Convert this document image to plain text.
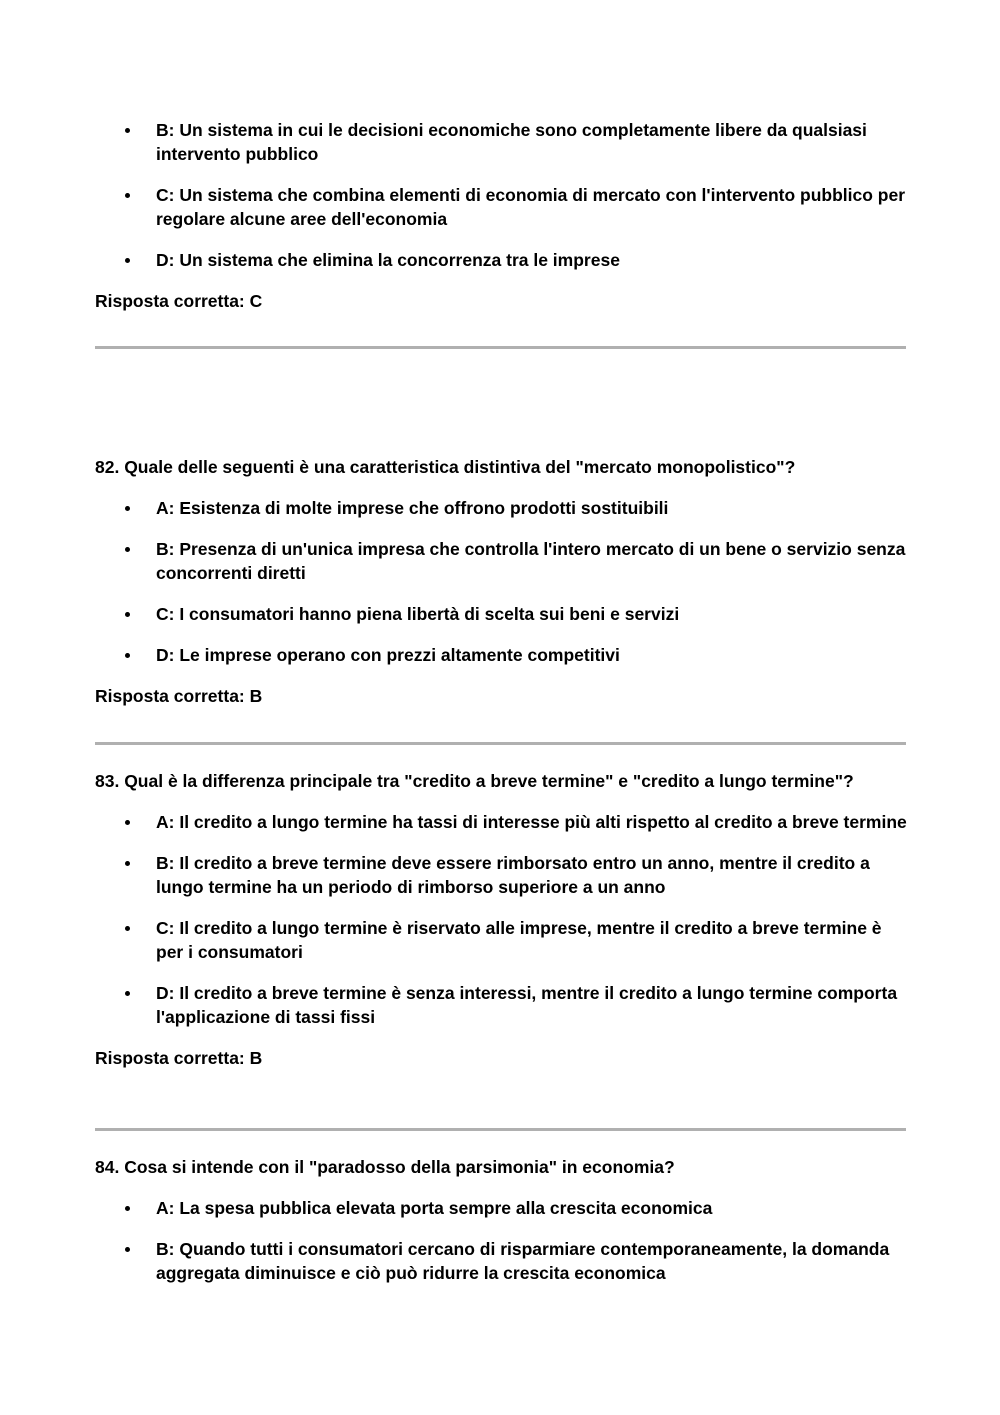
B: Un sistema in cui le decisioni economiche sono completamente libere da qualsiasi intervento pubblico
C: Un sistema che combina elementi di economia di mercato con l'intervento pubblico per regolare alcune aree dell'economia
D: Un sistema che elimina la concorrenza tra le imprese

Risposta corretta: C

82. Quale delle seguenti è una caratteristica distintiva del "mercato monopolistico"?

A: Esistenza di molte imprese che offrono prodotti sostituibili
B: Presenza di un'unica impresa che controlla l'intero mercato di un bene o servizio senza concorrenti diretti
C: I consumatori hanno piena libertà di scelta sui beni e servizi
D: Le imprese operano con prezzi altamente competitivi

Risposta corretta: B

83. Qual è la differenza principale tra "credito a breve termine" e "credito a lungo termine"?

A: Il credito a lungo termine ha tassi di interesse più alti rispetto al credito a breve termine
B: Il credito a breve termine deve essere rimborsato entro un anno, mentre il credito a lungo termine ha un periodo di rimborso superiore a un anno
C: Il credito a lungo termine è riservato alle imprese, mentre il credito a breve termine è per i consumatori
D: Il credito a breve termine è senza interessi, mentre il credito a lungo termine comporta l'applicazione di tassi fissi

Risposta corretta: B

84. Cosa si intende con il "paradosso della parsimonia" in economia?

A: La spesa pubblica elevata porta sempre alla crescita economica
B: Quando tutti i consumatori cercano di risparmiare contemporaneamente, la domanda aggregata diminuisce e ciò può ridurre la crescita economica
